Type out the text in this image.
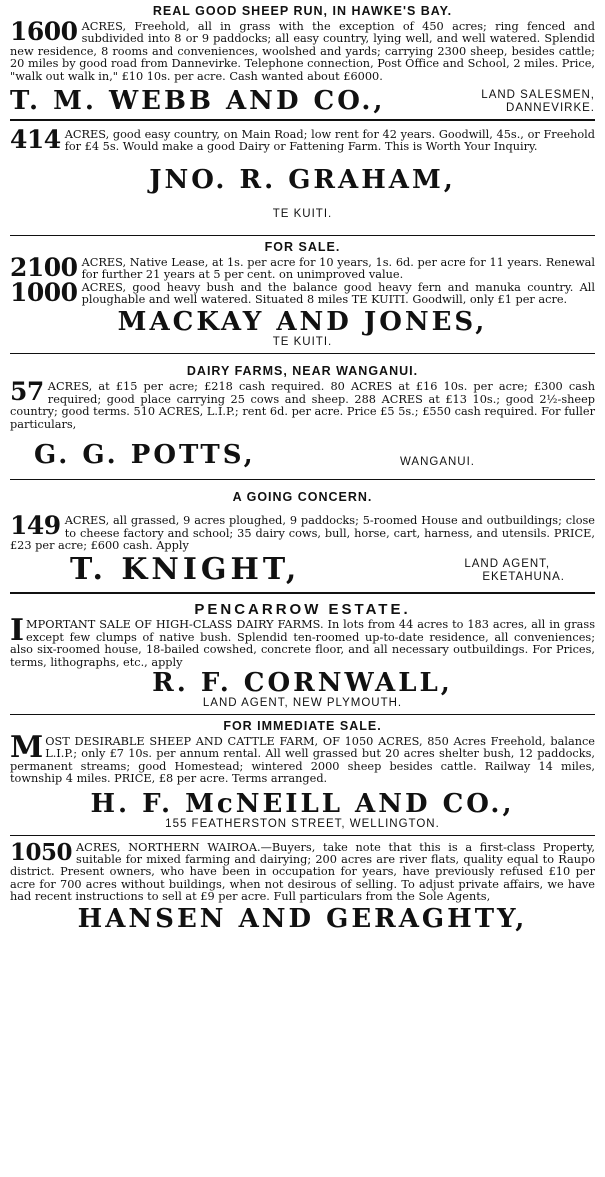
REAL GOOD SHEEP RUN, IN HAWKE'S BAY.

1600 ACRES, Freehold, all in grass with the exception of 450 acres; ring fenced and subdivided into 8 or 9 paddocks; all easy country, lying well, and well watered. Splendid new residence, 8 rooms and conveniences, woolshed and yards; carrying 2300 sheep, besides cattle; 20 miles by good road from Dannevirke. Telephone connection, Post Office and School, 2 miles. Price, "walk out walk in," £10 10s. per acre. Cash wanted about £6000.

T. M. WEBB AND CO.,	LAND SALESMEN,
DANNEVIRKE.

414 ACRES, good easy country, on Main Road; low rent for 42 years. Goodwill, 45s., or Freehold for £4 5s. Would make a good Dairy or Fattening Farm. This is Worth Your Inquiry.

JNO. R. GRAHAM,
TE KUITI.
FOR SALE.

2100 ACRES, Native Lease, at 1s. per acre for 10 years, 1s. 6d. per acre for 11 years. Renewal for further 21 years at 5 per cent. on unimproved value.

1000 ACRES, good heavy bush and the balance good heavy fern and manuka country. All ploughable and well watered. Situated 8 miles TE KUITI. Goodwill, only £1 per acre.

MACKAY AND JONES,
TE KUITI.
DAIRY FARMS, NEAR WANGANUI.

57 ACRES, at £15 per acre; £218 cash required. 80 ACRES at £16 10s. per acre; £300 cash required; good place carrying 25 cows and sheep. 288 ACRES at £13 10s.; good 2½-sheep country; good terms. 510 ACRES, L.I.P.; rent 6d. per acre. Price £5 5s.; £550 cash required. For fuller particulars,

G. G. POTTS,	WANGANUI.
A GOING CONCERN.

149 ACRES, all grassed, 9 acres ploughed, 9 paddocks; 5-roomed House and outbuildings; close to cheese factory and school; 35 dairy cows, bull, horse, cart, harness, and utensils. PRICE, £23 per acre; £600 cash. Apply

T. KNIGHT,	LAND AGENT,
EKETAHUNA.
PENCARROW ESTATE.

I MPORTANT SALE OF HIGH-CLASS DAIRY FARMS. In lots from 44 acres to 183 acres, all in grass except few clumps of native bush. Splendid ten-roomed up-to-date residence, all conveniences; also six-roomed house, 18-bailed cowshed, concrete floor, and all necessary outbuildings. For Prices, terms, lithographs, etc., apply

R. F. CORNWALL,
LAND AGENT, NEW PLYMOUTH.
FOR IMMEDIATE SALE.

M OST DESIRABLE SHEEP AND CATTLE FARM, OF 1050 ACRES, 850 Acres Freehold, balance L.I.P.; only £7 10s. per annum rental. All well grassed but 20 acres shelter bush, 12 paddocks, permanent streams; good Homestead; wintered 2000 sheep besides cattle. Railway 14 miles, township 4 miles. PRICE, £8 per acre. Terms arranged.

H. F. McNEILL AND CO.,
155 FEATHERSTON STREET, WELLINGTON.

1050 ACRES, NORTHERN WAIROA.—Buyers, take note that this is a first-class Property, suitable for mixed farming and dairying; 200 acres are river flats, quality equal to Raupo district. Present owners, who have been in occupation for years, have previously refused £10 per acre for 700 acres without buildings, when not desirous of selling. To adjust private affairs, we have had recent instructions to sell at £9 per acre. Full particulars from the Sole Agents,

HANSEN AND GERAGHTY,
